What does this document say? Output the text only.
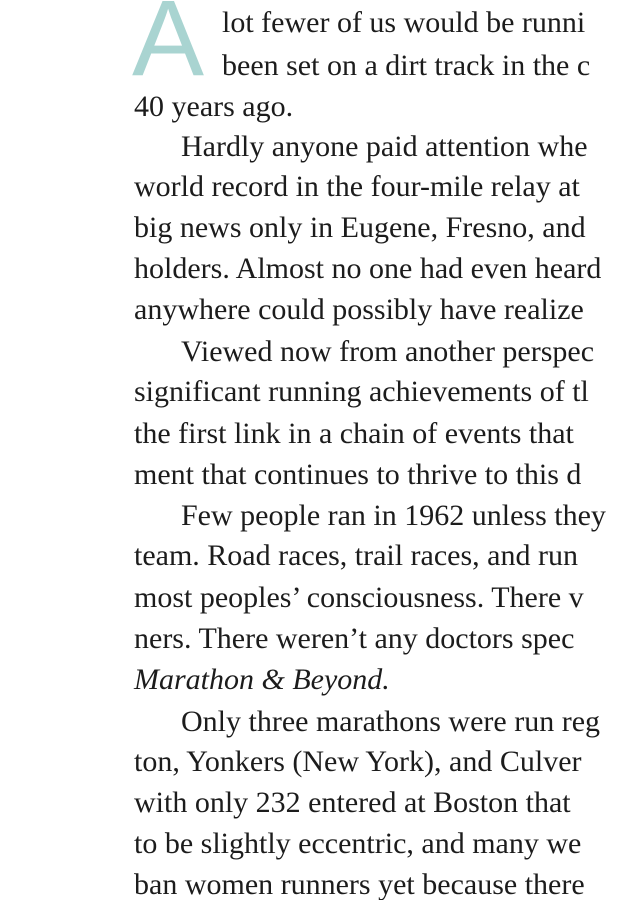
A lot fewer of us would be runni
been set on a dirt track in the c
40 years ago.
Hardly anyone paid attention whe
world record in the four-mile relay at
big news only in Eugene, Fresno, and
holders. Almost no one had even heard
anywhere could possibly have realize
Viewed now from another perspec
significant running achievements of tl
the first link in a chain of events that
ment that continues to thrive to this d
Few people ran in 1962 unless they
team. Road races, trail races, and run
most peoples’ consciousness. There v
ners. There weren’t any doctors spec
Marathon & Beyond.
Only three marathons were run reg
ton, Yonkers (New York), and Culver
with only 232 entered at Boston that
to be slightly eccentric, and many we
ban women runners yet because there
